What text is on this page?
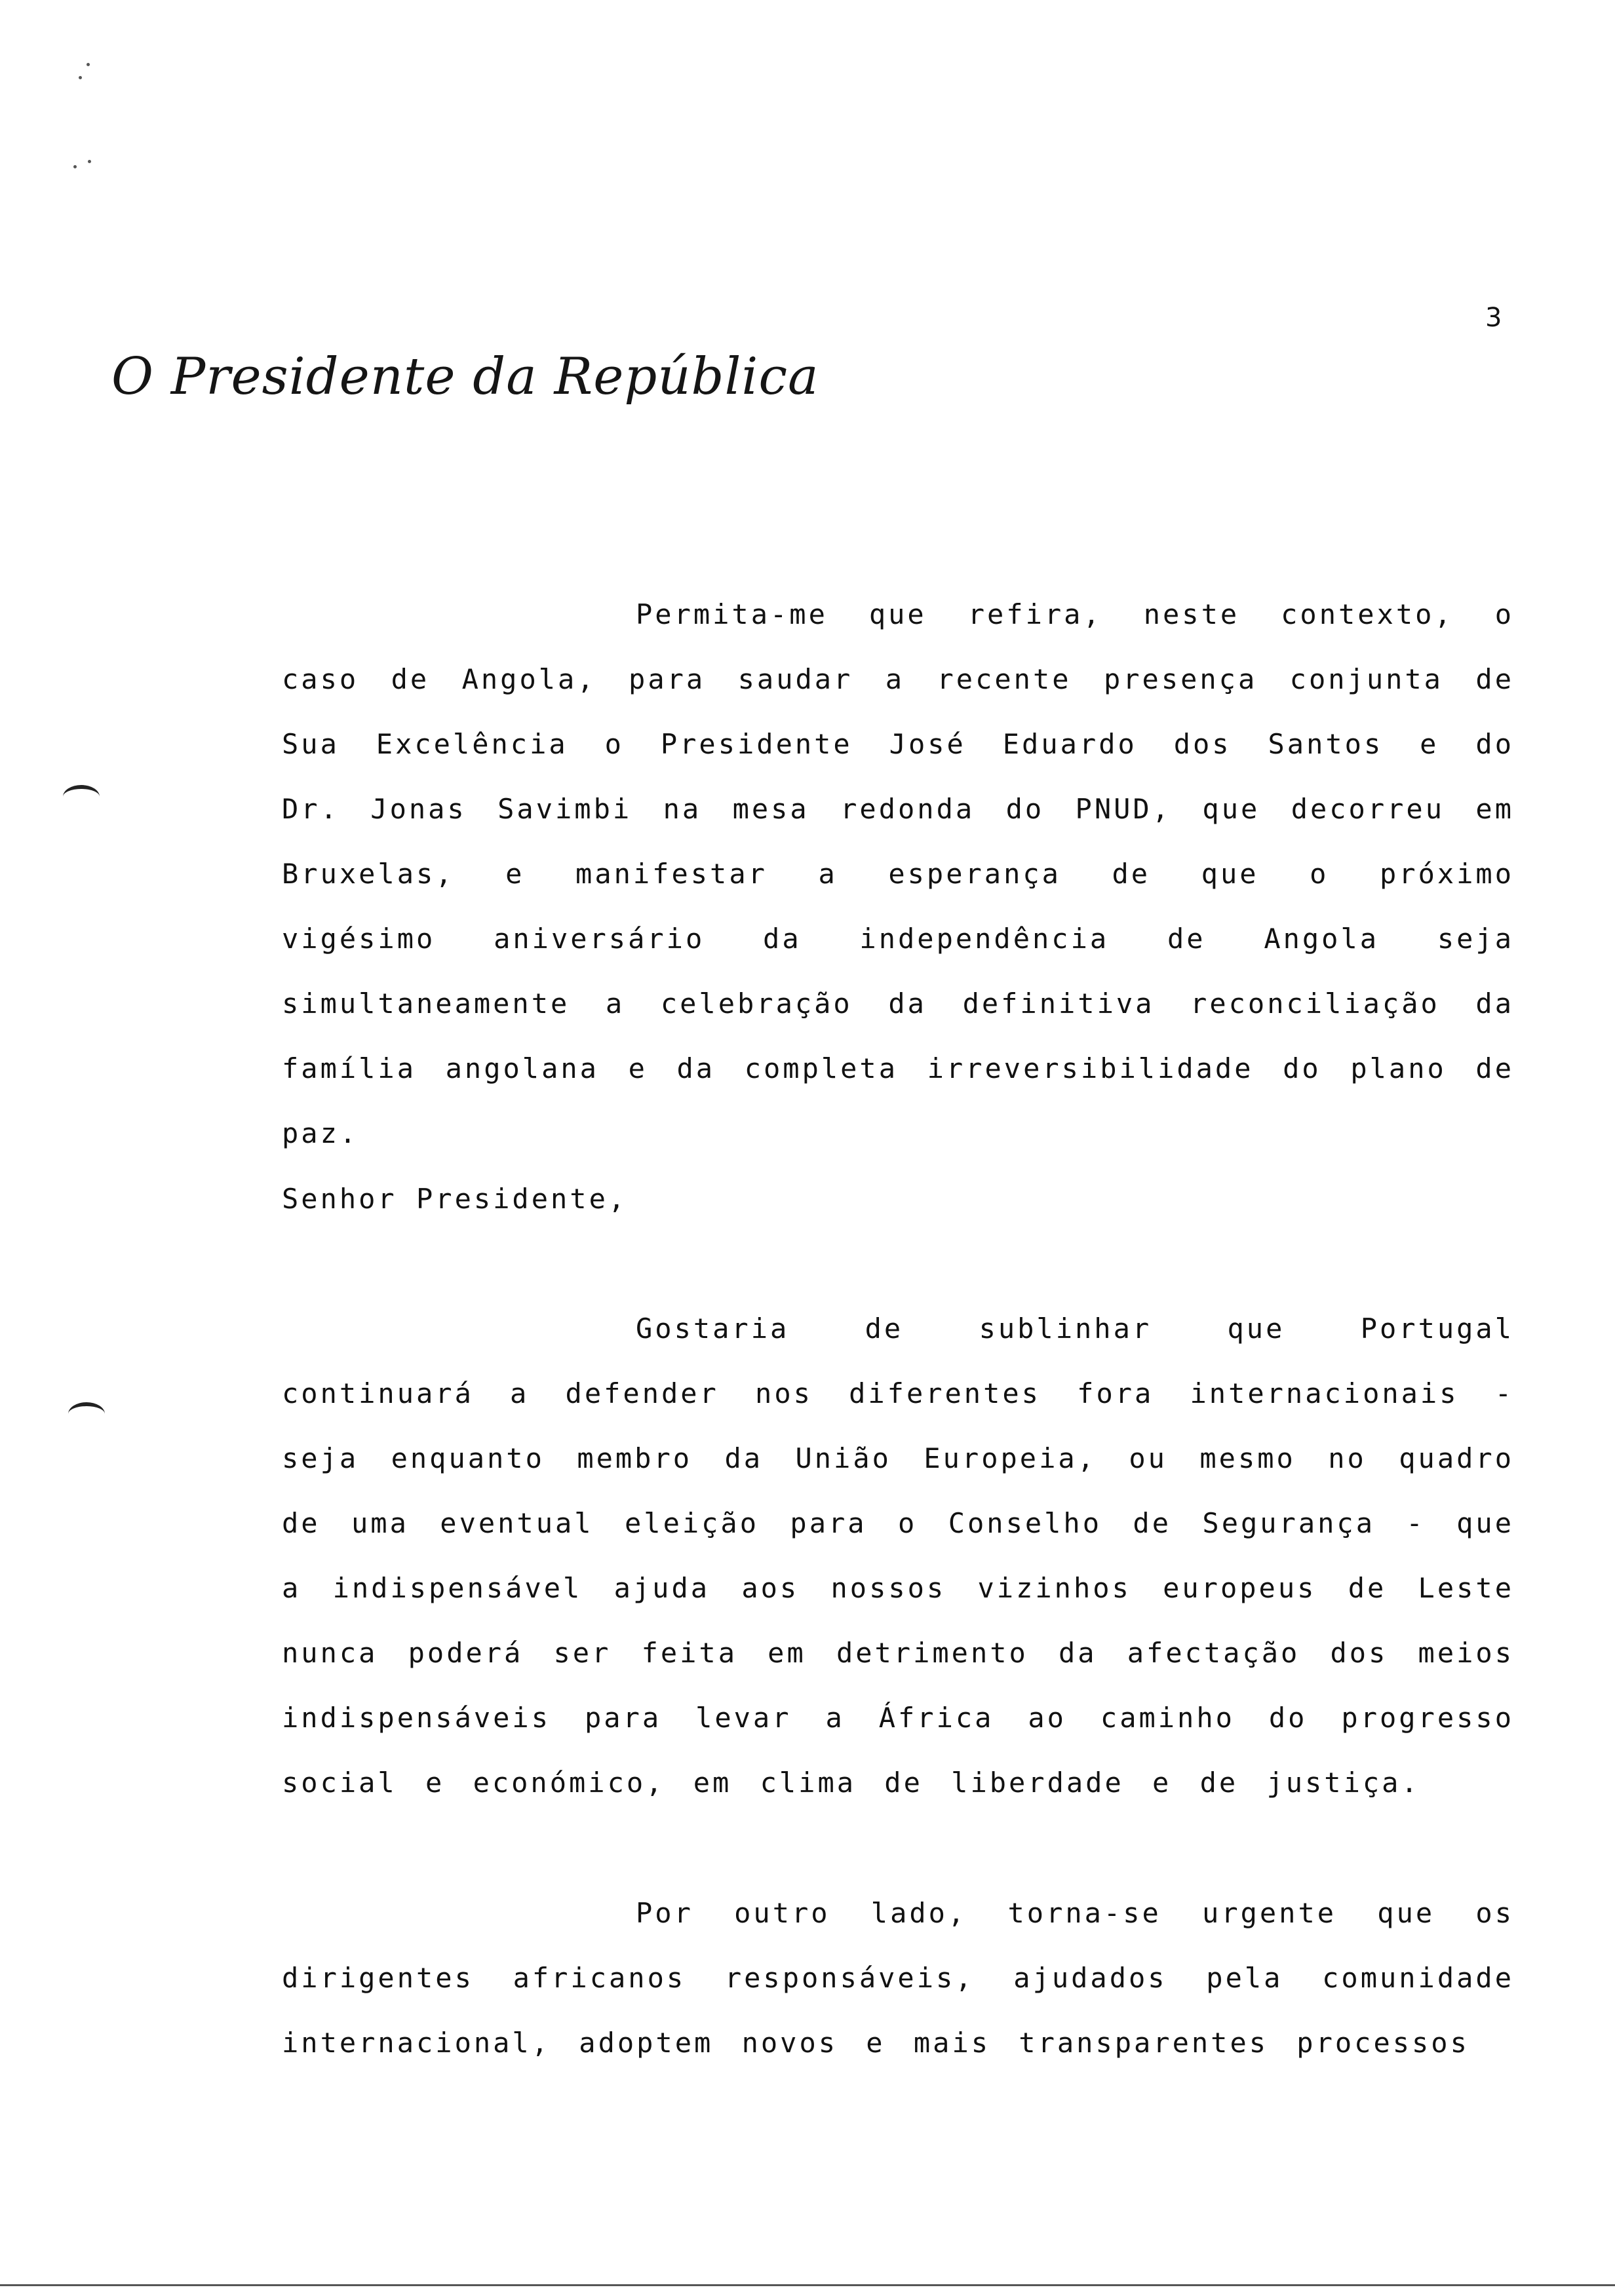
3
O Presidente da República

Permita-me que refira, neste contexto, o caso de Angola, para saudar a recente presença conjunta de Sua Excelência o Presidente José Eduardo dos Santos e do Dr. Jonas Savimbi na mesa redonda do PNUD, que decorreu em Bruxelas, e manifestar a esperança de que o próximo vigésimo aniversário da independência de Angola seja simultaneamente a celebração da definitiva reconciliação da família angolana e da completa irreversibilidade do plano de paz.

Senhor Presidente,

Gostaria de sublinhar que Portugal continuará a defender nos diferentes fora internacionais - seja enquanto membro da União Europeia, ou mesmo no quadro de uma eventual eleição para o Conselho de Segurança - que a indispensável ajuda aos nossos vizinhos europeus de Leste nunca poderá ser feita em detrimento da afectação dos meios indispensáveis para levar a África ao caminho do progresso social e económico, em clima de liberdade e de justiça.

Por outro lado, torna-se urgente que os dirigentes africanos responsáveis, ajudados pela comunidade internacional, adoptem novos e mais transparentes processos
